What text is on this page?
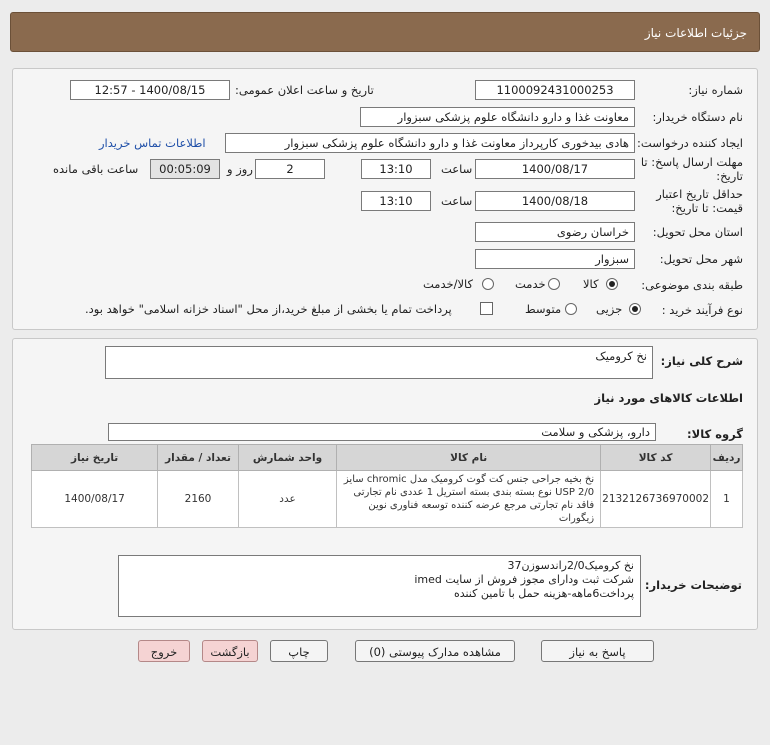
جزئیات اطلاعات نیاز
شماره نیاز:
1100092431000253
تاریخ و ساعت اعلان عمومی:
1400/08/15 - 12:57
نام دستگاه خریدار:
معاونت غذا و دارو دانشگاه علوم پزشکی سبزوار
ایجاد کننده درخواست:
هادی بیدخوری کارپرداز معاونت غذا و دارو دانشگاه علوم پزشکی سبزوار
اطلاعات تماس خریدار
مهلت ارسال پاسخ: تا تاریخ:
1400/08/17
ساعت
13:10
2
روز و
00:05:09
ساعت باقی مانده
حداقل تاریخ اعتبار قیمت: تا تاریخ:
1400/08/18
ساعت
13:10
استان محل تحویل:
خراسان رضوی
شهر محل تحویل:
سبزوار
طبقه بندی موضوعی:
کالا
خدمت
کالا/خدمت
نوع فرآیند خرید :
جزیی
متوسط
پرداخت تمام یا بخشی از مبلغ خرید،از محل "اسناد خزانه اسلامی" خواهد بود.
شرح کلی نیاز:
نخ کرومیک
اطلاعات کالاهای مورد نیاز
گروه کالا:
دارو، پزشکی و سلامت
ردیف	کد کالا	نام کالا	واحد شمارش	تعداد / مقدار	تاریخ نیاز
1	2132126736970002	نخ بخیه جراحی جنس کت گوت کرومیک مدل chromic سایز USP 2/0 نوع بسته بندی بسته استریل 1 عددی نام تجارتی فاقد نام تجارتی مرجع عرضه کننده توسعه فناوری نوین زیگورات	عدد	2160	1400/08/17
توضیحات خریدار:
نخ کرومیک2/0راندسوزن37
شرکت ثبت ودارای مجوز فروش از سایت imed
پرداخت6ماهه-هزینه حمل با تامین کننده
پاسخ به نیاز
مشاهده مدارک پیوستی (0)
چاپ
بازگشت
خروج
